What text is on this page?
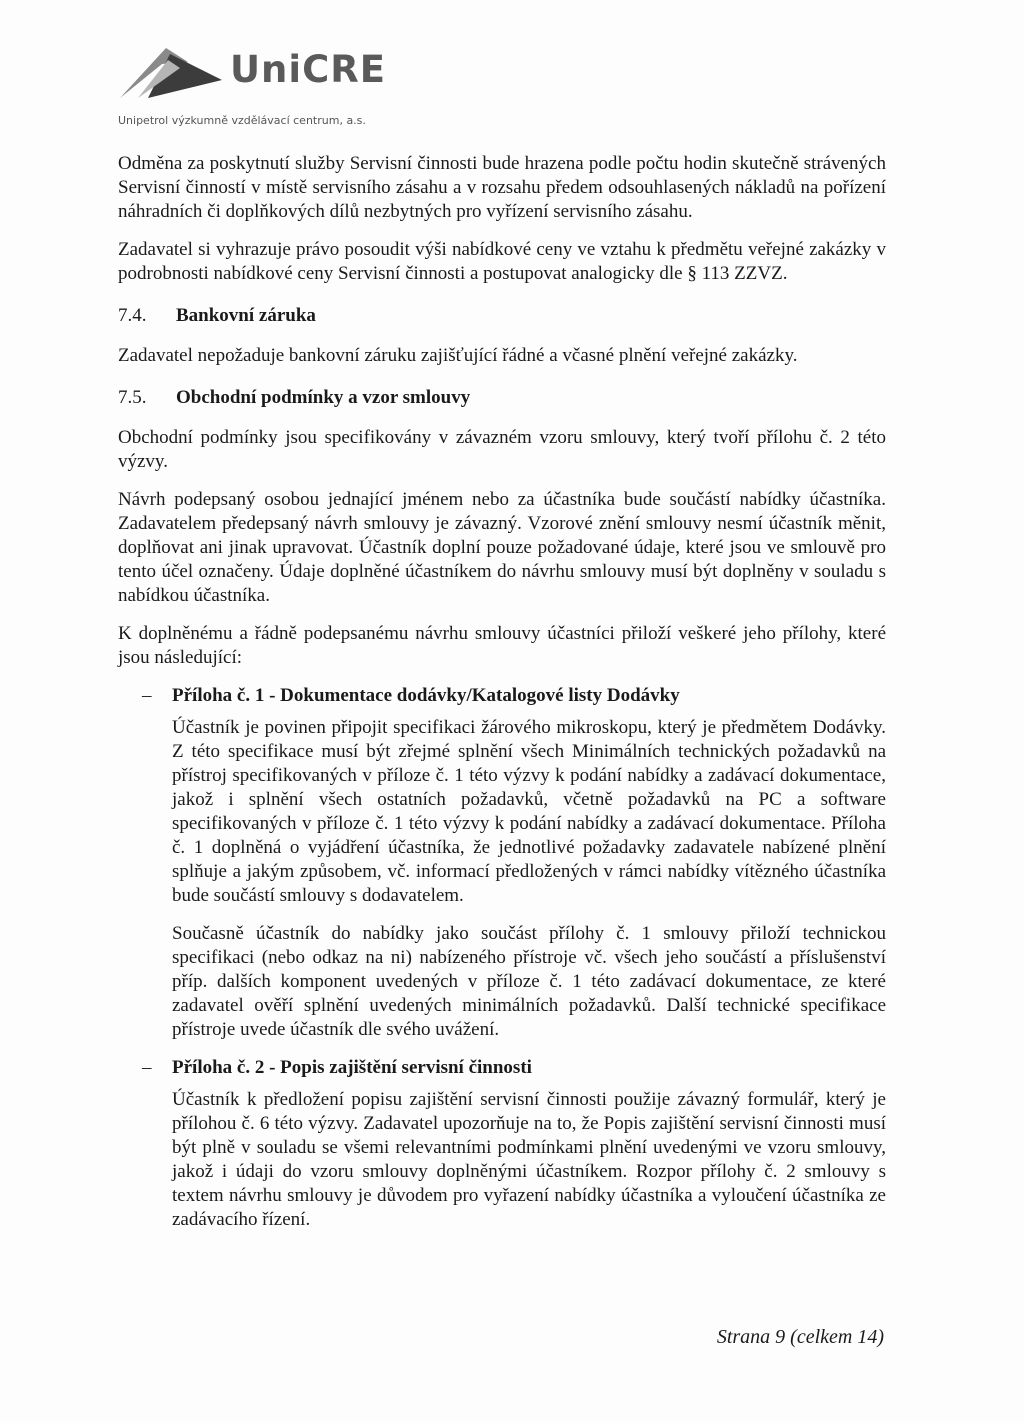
UniCRE
Unipetrol výzkumně vzdělávací centrum, a.s.

Odměna za poskytnutí služby Servisní činnosti bude hrazena podle počtu hodin skutečně strávených Servisní činností v místě servisního zásahu a v rozsahu předem odsouhlasených nákladů na pořízení náhradních či doplňkových dílů nezbytných pro vyřízení servisního zásahu.

Zadavatel si vyhrazuje právo posoudit výši nabídkové ceny ve vztahu k předmětu veřejné zakázky v podrobnosti nabídkové ceny Servisní činnosti a postupovat analogicky dle § 113 ZZVZ.

7.4.	Bankovní záruka

Zadavatel nepožaduje bankovní záruku zajišťující řádné a včasné plnění veřejné zakázky.

7.5.	Obchodní podmínky a vzor smlouvy

Obchodní podmínky jsou specifikovány v závazném vzoru smlouvy, který tvoří přílohu č. 2 této výzvy.

Návrh podepsaný osobou jednající jménem nebo za účastníka bude součástí nabídky účastníka. Zadavatelem předepsaný návrh smlouvy je závazný. Vzorové znění smlouvy nesmí účastník měnit, doplňovat ani jinak upravovat. Účastník doplní pouze požadované údaje, které jsou ve smlouvě pro tento účel označeny. Údaje doplněné účastníkem do návrhu smlouvy musí být doplněny v souladu s nabídkou účastníka.

K doplněnému a řádně podepsanému návrhu smlouvy účastníci přiloží veškeré jeho přílohy, které jsou následující:

– Příloha č. 1 - Dokumentace dodávky/Katalogové listy Dodávky

Účastník je povinen připojit specifikaci žárového mikroskopu, který je předmětem Dodávky. Z této specifikace musí být zřejmé splnění všech Minimálních technických požadavků na přístroj specifikovaných v příloze č. 1 této výzvy k podání nabídky a zadávací dokumentace, jakož i splnění všech ostatních požadavků, včetně požadavků na PC a software specifikovaných v příloze č. 1 této výzvy k podání nabídky a zadávací dokumentace. Příloha č. 1 doplněná o vyjádření účastníka, že jednotlivé požadavky zadavatele nabízené plnění splňuje a jakým způsobem, vč. informací předložených v rámci nabídky vítězného účastníka bude součástí smlouvy s dodavatelem.

Současně účastník do nabídky jako součást přílohy č. 1 smlouvy přiloží technickou specifikaci (nebo odkaz na ni) nabízeného přístroje vč. všech jeho součástí a příslušenství příp. dalších komponent uvedených v příloze č. 1 této zadávací dokumentace, ze které zadavatel ověří splnění uvedených minimálních požadavků. Další technické specifikace přístroje uvede účastník dle svého uvážení.

– Příloha č. 2 - Popis zajištění servisní činnosti

Účastník k předložení popisu zajištění servisní činnosti použije závazný formulář, který je přílohou č. 6 této výzvy. Zadavatel upozorňuje na to, že Popis zajištění servisní činnosti musí být plně v souladu se všemi relevantními podmínkami plnění uvedenými ve vzoru smlouvy, jakož i údaji do vzoru smlouvy doplněnými účastníkem. Rozpor přílohy č. 2 smlouvy s textem návrhu smlouvy je důvodem pro vyřazení nabídky účastníka a vyloučení účastníka ze zadávacího řízení.

Strana 9 (celkem 14)
